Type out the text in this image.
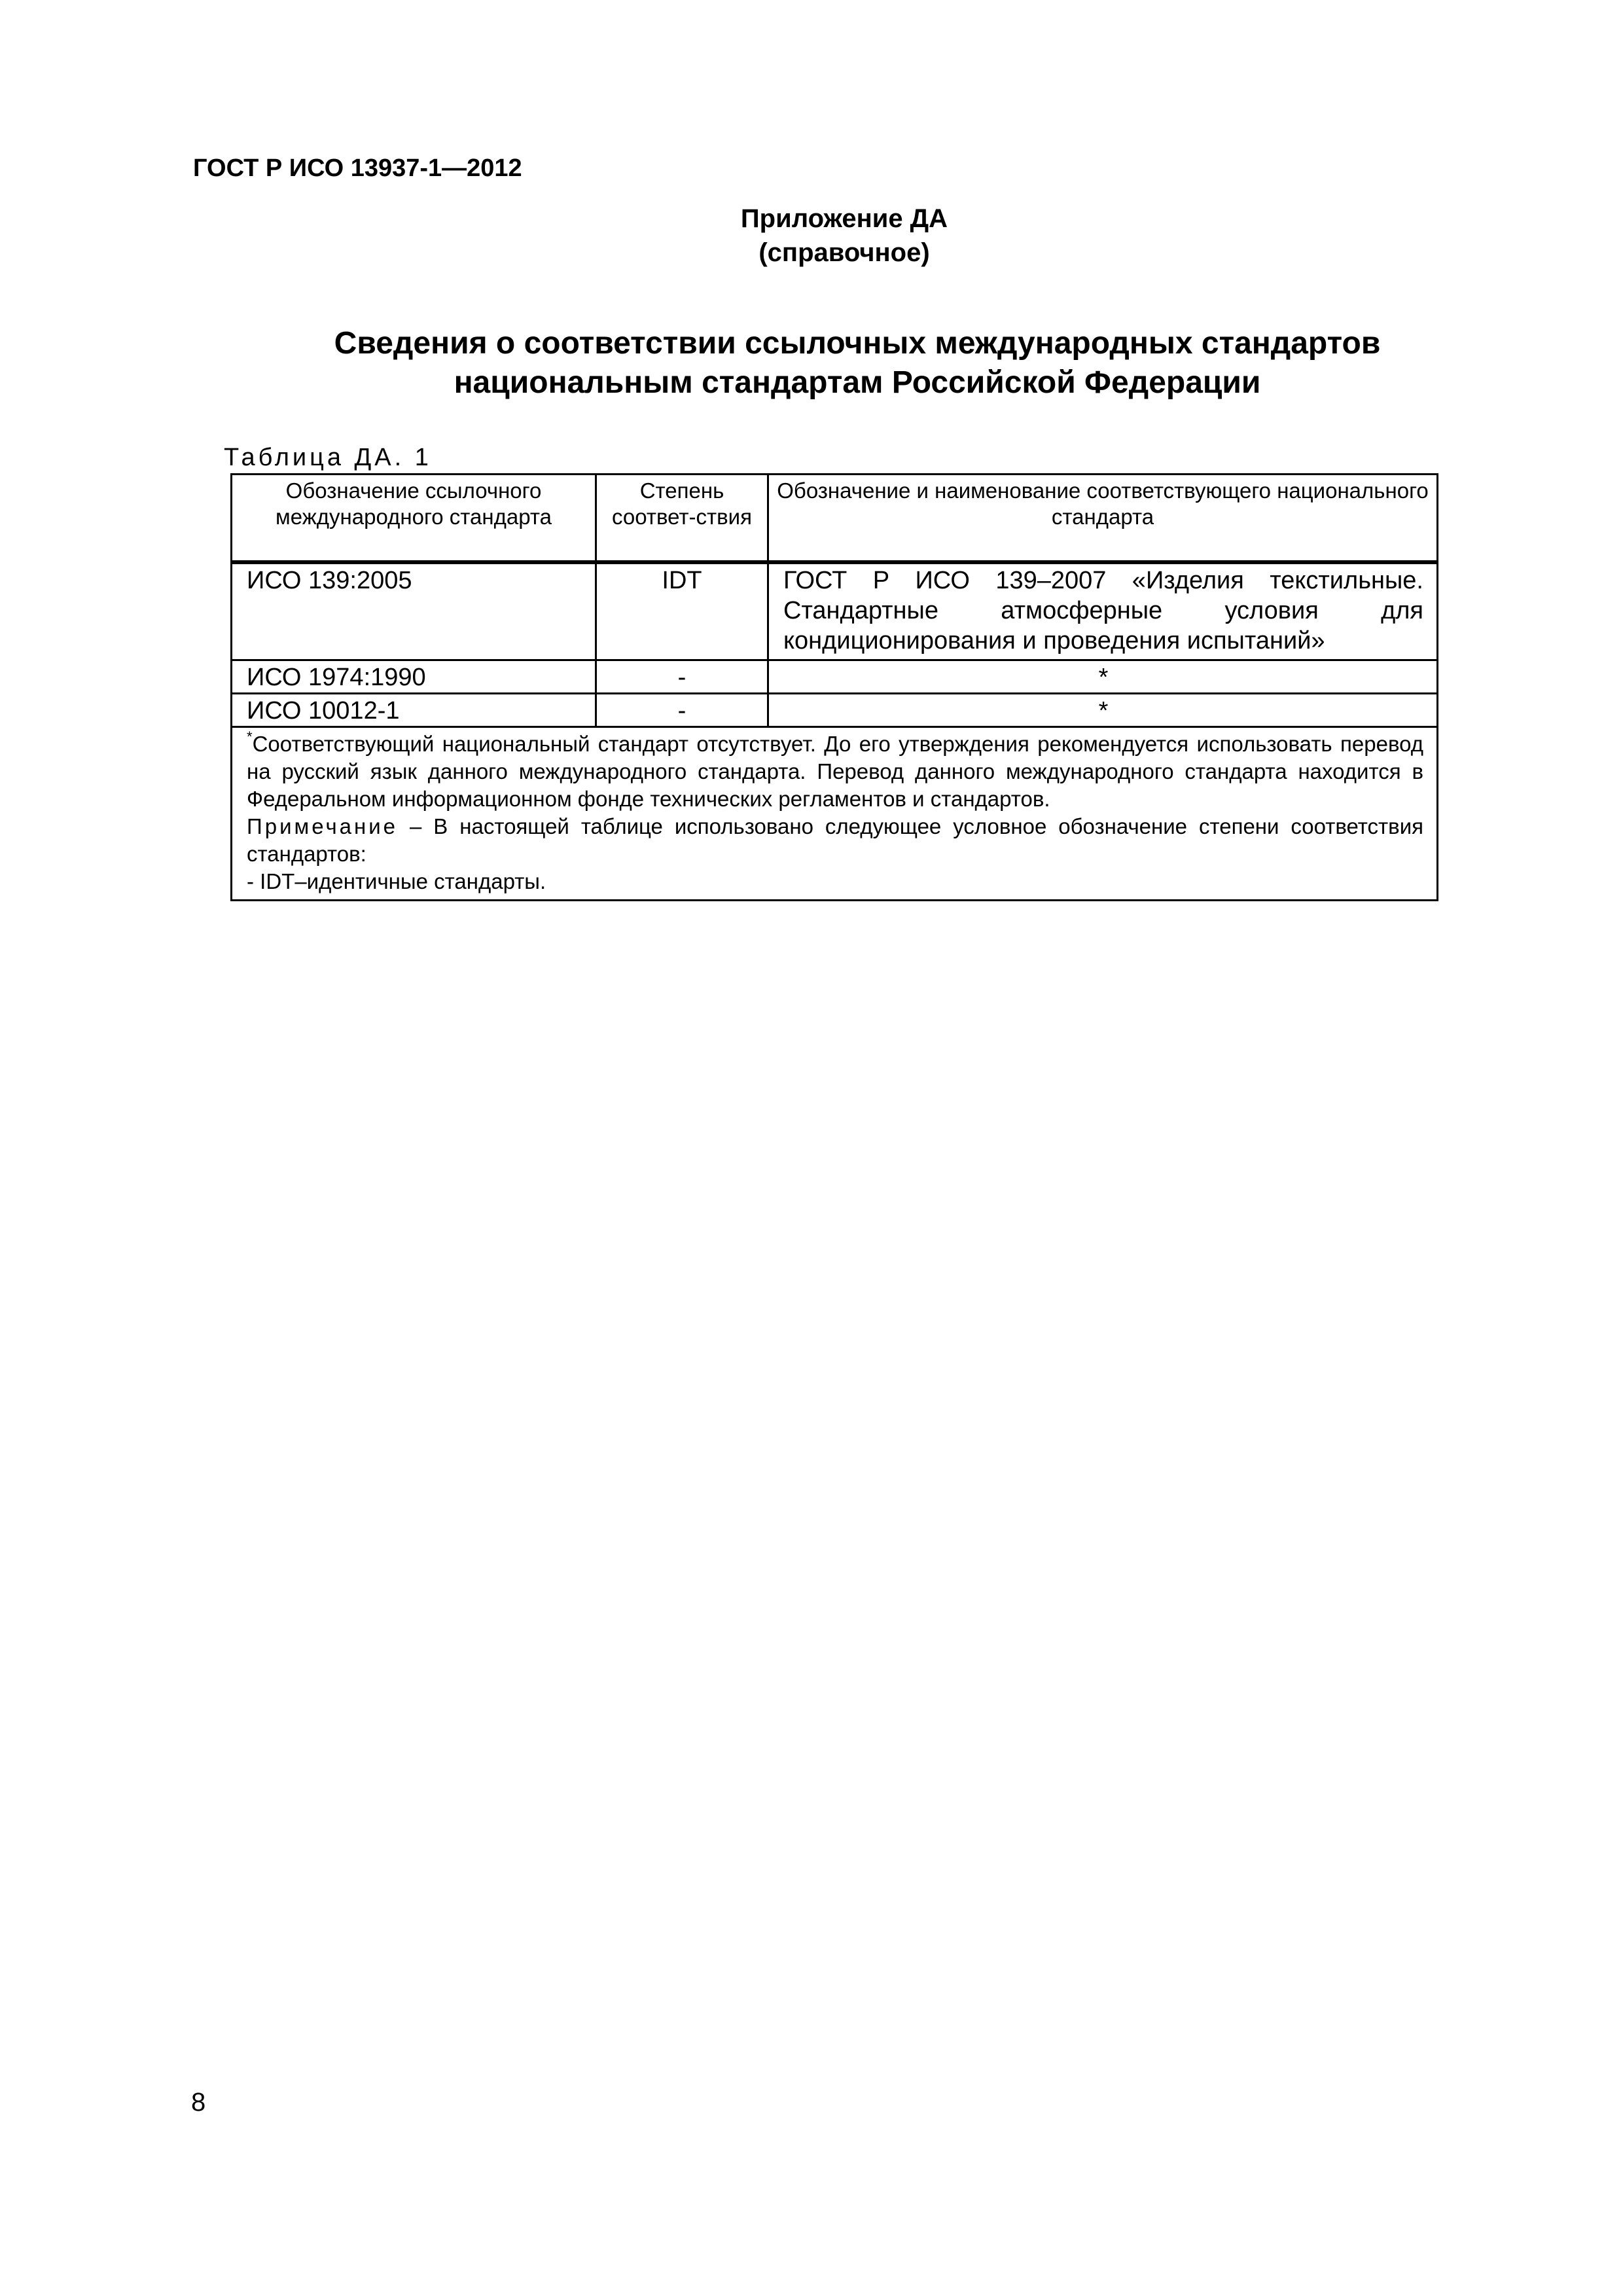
ГОСТ Р ИСО 13937-1—2012
Приложение ДА
(справочное)
Сведения о соответствии ссылочных международных стандартов
национальным стандартам Российской Федерации
Таблица ДА. 1
Обозначение ссылочного международного стандарта	Степень соответ-ствия	Обозначение и наименование соответствующего национального стандарта
ИСО 139:2005	IDT	ГОСТ Р ИСО 139–2007 «Изделия текстильные. Стандартные атмосферные условия для кондиционирования и проведения испытаний»
ИСО 1974:1990	-	*
ИСО 10012-1	-	*

*Соответствующий национальный стандарт отсутствует. До его утверждения рекомендуется использовать перевод на русский язык данного международного стандарта. Перевод данного международного стандарта находится в Федеральном информационном фонде технических регламентов и стандартов.

Примечание – В настоящей таблице использовано следующее условное обозначение степени соответствия стандартов:

- IDT–идентичные стандарты.		

8
